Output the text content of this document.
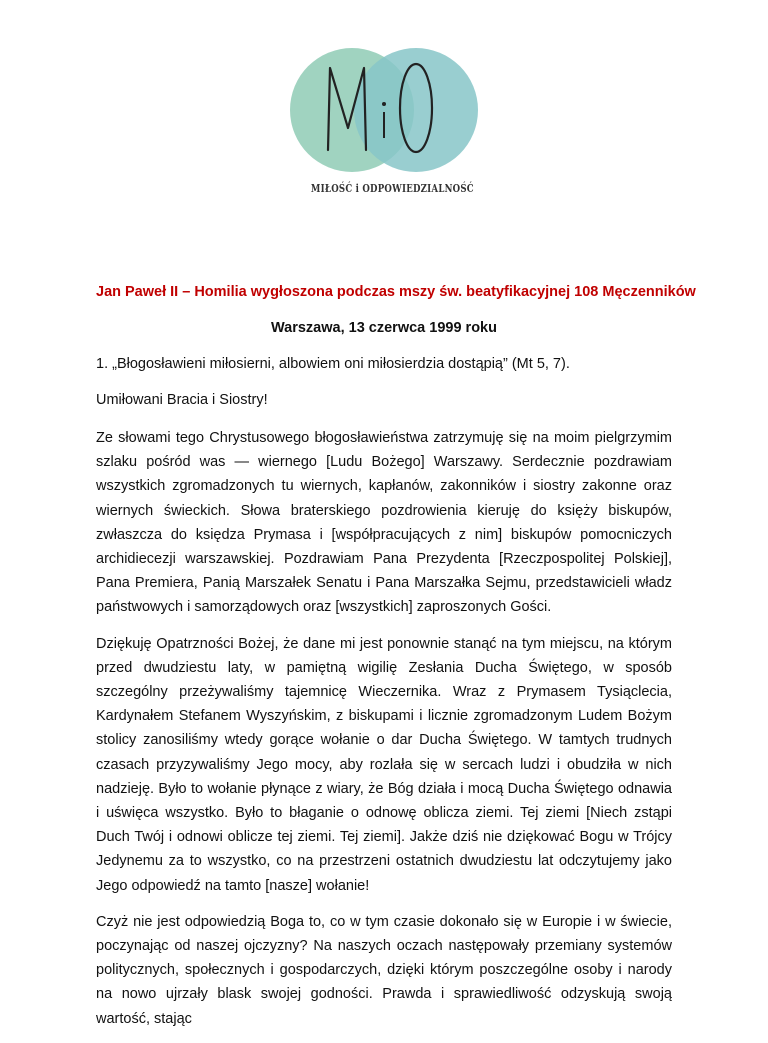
MIŁOŚĆ i ODPOWIEDZIALNOŚĆ
Jan Paweł II – Homilia wygłoszona podczas mszy św. beatyfikacyjnej 108 Męczenników
Warszawa, 13 czerwca 1999 roku

1. „Błogosławieni miłosierni, albowiem oni miłosierdzia dostąpią” (Mt 5, 7).

Umiłowani Bracia i Siostry!

Ze słowami tego Chrystusowego błogosławieństwa zatrzymuję się na moim pielgrzymim szlaku pośród was — wiernego [Ludu Bożego] Warszawy. Serdecznie pozdrawiam wszystkich zgromadzonych tu wiernych, kapłanów, zakonników i siostry zakonne oraz wiernych świeckich. Słowa braterskiego pozdrowienia kieruję do księży biskupów, zwłaszcza do księdza Prymasa i [współpracujących z nim] biskupów pomocniczych archidiecezji warszawskiej. Pozdrawiam Pana Prezydenta [Rzeczpospolitej Polskiej], Pana Premiera, Panią Marszałek Senatu i Pana Marszałka Sejmu, przedstawicieli władz państwowych i samorządowych oraz [wszystkich] zaproszonych Gości.

Dziękuję Opatrzności Bożej, że dane mi jest ponownie stanąć na tym miejscu, na którym przed dwudziestu laty, w pamiętną wigilię Zesłania Ducha Świętego, w sposób szczególny przeżywaliśmy tajemnicę Wieczernika. Wraz z Prymasem Tysiąclecia, Kardynałem Stefanem Wyszyńskim, z biskupami i licznie zgromadzonym Ludem Bożym stolicy zanosiliśmy wtedy gorące wołanie o dar Ducha Świętego. W tamtych trudnych czasach przyzywaliśmy Jego mocy, aby rozlała się w sercach ludzi i obudziła w nich nadzieję. Było to wołanie płynące z wiary, że Bóg działa i mocą Ducha Świętego odnawia i uświęca wszystko. Było to błaganie o odnowę oblicza ziemi. Tej ziemi [Niech zstąpi Duch Twój i odnowi oblicze tej ziemi. Tej ziemi]. Jakże dziś nie dziękować Bogu w Trójcy Jedynemu za to wszystko, co na przestrzeni ostatnich dwudziestu lat odczytujemy jako Jego odpowiedź na tamto [nasze] wołanie!

Czyż nie jest odpowiedzią Boga to, co w tym czasie dokonało się w Europie i w świecie, poczynając od naszej ojczyzny? Na naszych oczach następowały przemiany systemów politycznych, społecznych i gospodarczych, dzięki którym poszczególne osoby i narody na nowo ujrzały blask swojej godności. Prawda i sprawiedliwość odzyskują swoją wartość, stając
